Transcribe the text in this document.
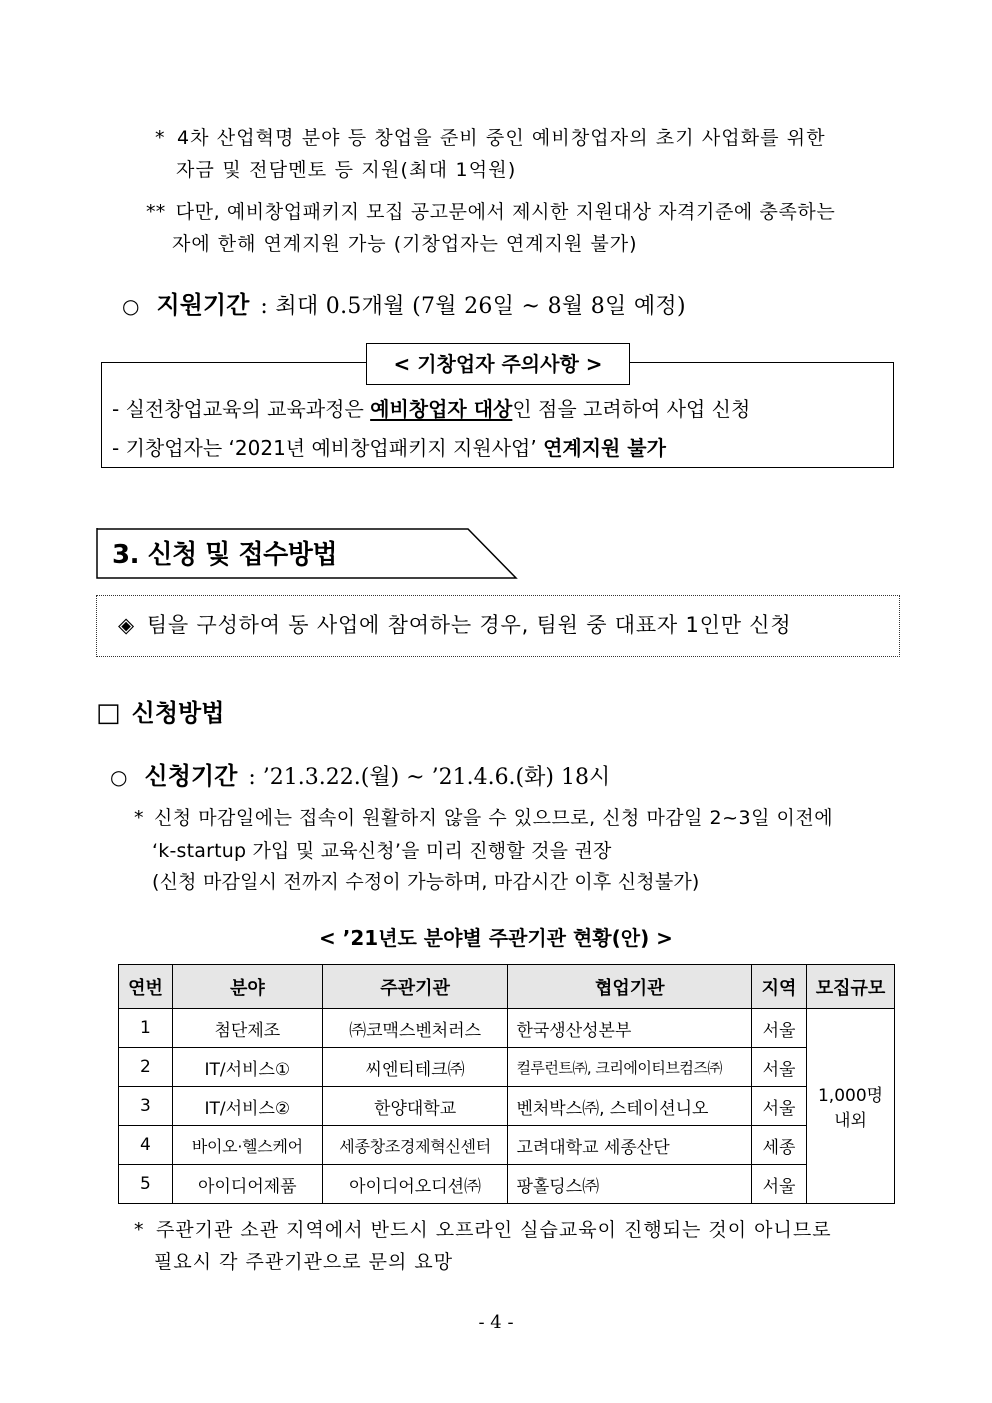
* 4차 산업혁명 분야 등 창업을 준비 중인 예비창업자의 초기 사업화를 위한
자금 및 전담멘토 등 지원(최대 1억원)
** 다만, 예비창업패키지 모집 공고문에서 제시한 지원대상 자격기준에 충족하는
자에 한해 연계지원 가능 (기창업자는 연계지원 불가)
○ 지원기간 : 최대 0.5개월 (7월 26일 ~ 8월 8일 예정)
< 기창업자 주의사항 >
- 실전창업교육의 교육과정은 예비창업자 대상인 점을 고려하여 사업 신청
- 기창업자는 ‘2021년 예비창업패키지 지원사업’ 연계지원 불가
3. 신청 및 접수방법
◈ 팀을 구성하여 동 사업에 참여하는 경우, 팀원 중 대표자 1인만 신청
□ 신청방법
○ 신청기간 : ’21.3.22.(월) ~ ’21.4.6.(화) 18시
* 신청 마감일에는 접속이 원활하지 않을 수 있으므로, 신청 마감일 2~3일 이전에
‘k-startup 가입 및 교육신청’을 미리 진행할 것을 권장
(신청 마감일시 전까지 수정이 가능하며, 마감시간 이후 신청불가)
< ’21년도 분야별 주관기관 현황(안) >
연번	분야	주관기관	협업기관	지역	모집규모
1	첨단제조	㈜코맥스벤처러스	한국생산성본부	서울	1,000명
내외

2	IT/서비스①	씨엔티테크㈜	컬루런트㈜, 크리에이티브컴즈㈜	서울	
3	IT/서비스②	한양대학교	벤처박스㈜, 스테이션니오	서울	
4	바이오·헬스케어	세종창조경제혁신센터	고려대학교 세종산단	세종	
5	아이디어제품	아이디어오디션㈜	팡홀딩스㈜	서울	
* 주관기관 소관 지역에서 반드시 오프라인 실습교육이 진행되는 것이 아니므로
필요시 각 주관기관으로 문의 요망
- 4 -
